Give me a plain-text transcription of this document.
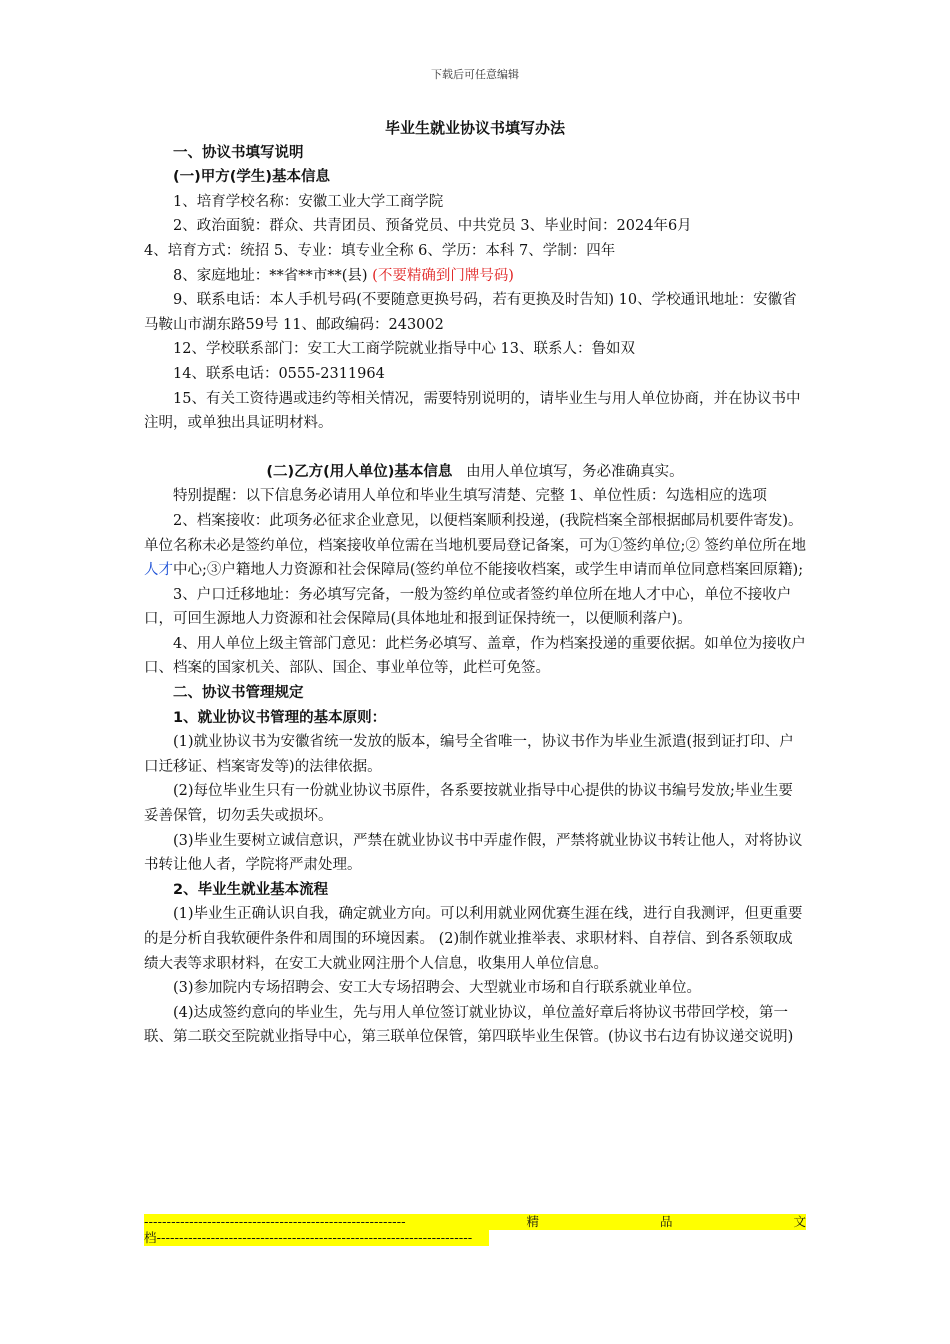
下载后可任意编辑

毕业生就业协议书填写办法

一、协议书填写说明

(一)甲方(学生)基本信息

1、培育学校名称：安徽工业大学工商学院

2、政治面貌：群众、共青团员、预备党员、中共党员 3、毕业时间：2024年6月

4、培育方式：统招 5、专业：填专业全称 6、学历：本科 7、学制：四年

8、家庭地址：**省**市**(县) (不要精确到门牌号码)

9、联系电话：本人手机号码(不要随意更换号码，若有更换及时告知) 10、学校通讯地址：安徽省马鞍山市湖东路59号 11、邮政编码：243002

12、学校联系部门：安工大工商学院就业指导中心 13、联系人：鲁如双

14、联系电话：0555-2311964

15、有关工资待遇或违约等相关情况，需要特别说明的，请毕业生与用人单位协商，并在协议书中注明，或单独出具证明材料。

(二)乙方(用人单位)基本信息 由用人单位填写，务必准确真实。

特别提醒：以下信息务必请用人单位和毕业生填写清楚、完整 1、单位性质：勾选相应的选项

2、档案接收：此项务必征求企业意见，以便档案顺利投递，(我院档案全部根据邮局机要件寄发)。单位名称未必是签约单位，档案接收单位需在当地机要局登记备案，可为①签约单位;② 签约单位所在地人才中心;③户籍地人力资源和社会保障局(签约单位不能接收档案，或学生申请而单位同意档案回原籍);

3、户口迁移地址：务必填写完备，一般为签约单位或者签约单位所在地人才中心，单位不接收户口，可回生源地人力资源和社会保障局(具体地址和报到证保持统一，以便顺利落户)。

4、用人单位上级主管部门意见：此栏务必填写、盖章，作为档案投递的重要依据。如单位为接收户口、档案的国家机关、部队、国企、事业单位等，此栏可免签。

二、协议书管理规定

1、就业协议书管理的基本原则：

(1)就业协议书为安徽省统一发放的版本，编号全省唯一，协议书作为毕业生派遣(报到证打印、户口迁移证、档案寄发等)的法律依据。

(2)每位毕业生只有一份就业协议书原件，各系要按就业指导中心提供的协议书编号发放;毕业生要妥善保管，切勿丢失或损坏。

(3)毕业生要树立诚信意识，严禁在就业协议书中弄虚作假，严禁将就业协议书转让他人，对将协议书转让他人者，学院将严肃处理。

2、毕业生就业基本流程

(1)毕业生正确认识自我，确定就业方向。可以利用就业网优赛生涯在线，进行自我测评，但更重要的是分析自我软硬件条件和周围的环境因素。 (2)制作就业推举表、求职材料、自荐信、到各系领取成绩大表等求职材料，在安工大就业网注册个人信息，收集用人单位信息。

(3)参加院内专场招聘会、安工大专场招聘会、大型就业市场和自行联系就业单位。

(4)达成签约意向的毕业生，先与用人单位签订就业协议，单位盖好章后将协议书带回学校，第一联、第二联交至院就业指导中心，第三联单位保管，第四联毕业生保管。(协议书右边有协议递交说明)

----------------------------------------------------------	精	品	文
档----------------------------------------------------------------------
